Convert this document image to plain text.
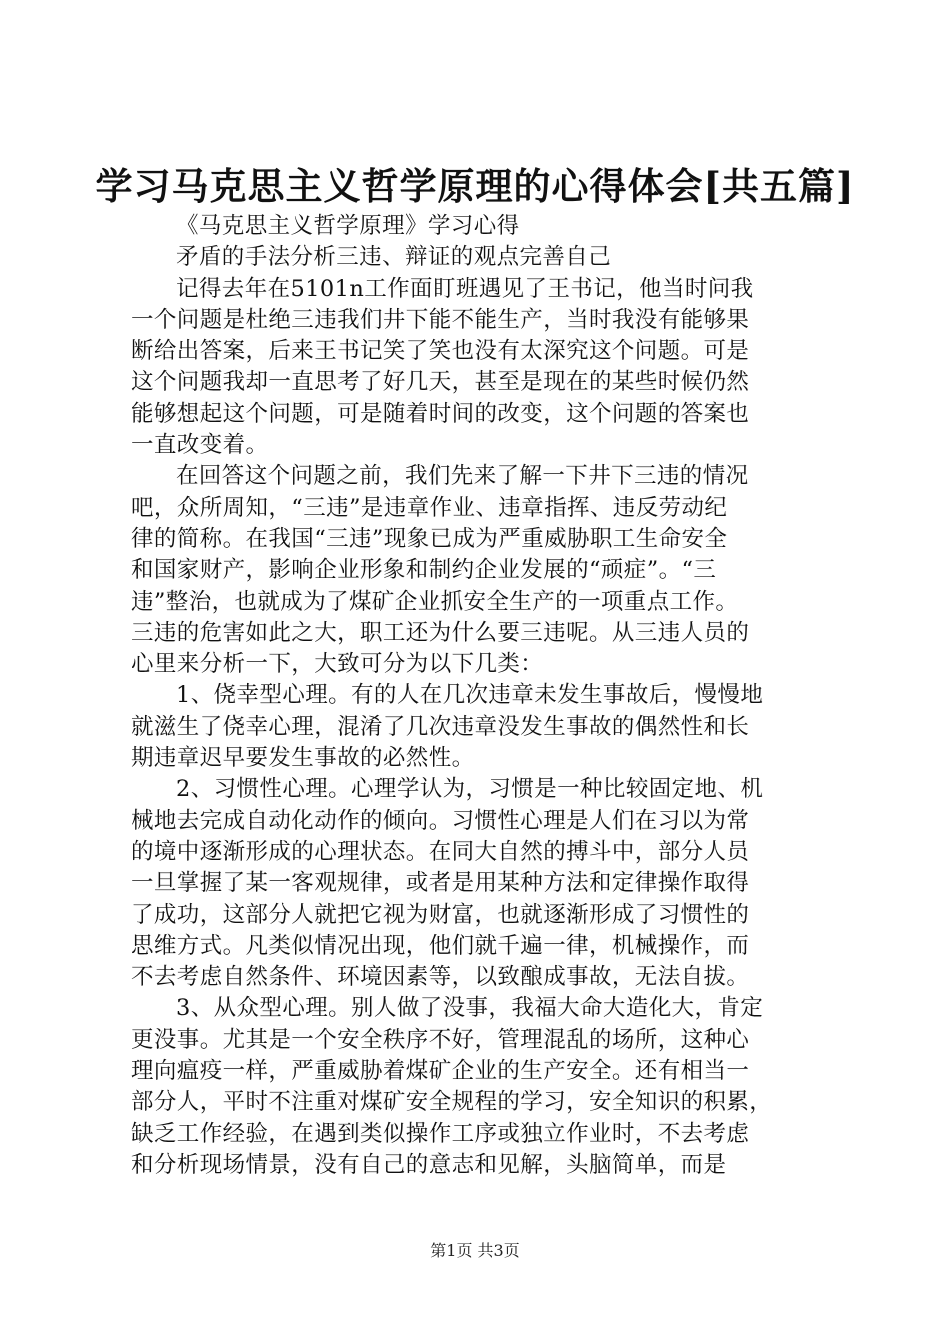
学习马克思主义哲学原理的心得体会[共五篇]
《马克思主义哲学原理》学习心得
矛盾的手法分析三违、辩证的观点完善自己
记得去年在5101n工作面盯班遇见了王书记，他当时问我
一个问题是杜绝三违我们井下能不能生产，当时我没有能够果
断给出答案，后来王书记笑了笑也没有太深究这个问题。可是
这个问题我却一直思考了好几天，甚至是现在的某些时候仍然
能够想起这个问题，可是随着时间的改变，这个问题的答案也
一直改变着。
在回答这个问题之前，我们先来了解一下井下三违的情况
吧，众所周知，“三违”是违章作业、违章指挥、违反劳动纪
律的简称。在我国“三违”现象已成为严重威胁职工生命安全
和国家财产，影响企业形象和制约企业发展的“顽症”。“三
违”整治，也就成为了煤矿企业抓安全生产的一项重点工作。
三违的危害如此之大，职工还为什么要三违呢。从三违人员的
心里来分析一下，大致可分为以下几类：
1、侥幸型心理。有的人在几次违章未发生事故后，慢慢地
就滋生了侥幸心理，混淆了几次违章没发生事故的偶然性和长
期违章迟早要发生事故的必然性。
2、习惯性心理。心理学认为，习惯是一种比较固定地、机
械地去完成自动化动作的倾向。习惯性心理是人们在习以为常
的境中逐渐形成的心理状态。在同大自然的搏斗中，部分人员
一旦掌握了某一客观规律，或者是用某种方法和定律操作取得
了成功，这部分人就把它视为财富，也就逐渐形成了习惯性的
思维方式。凡类似情况出现，他们就千遍一律，机械操作，而
不去考虑自然条件、环境因素等，以致酿成事故，无法自拔。
3、从众型心理。别人做了没事，我福大命大造化大，肯定
更没事。尤其是一个安全秩序不好，管理混乱的场所，这种心
理向瘟疫一样，严重威胁着煤矿企业的生产安全。还有相当一
部分人，平时不注重对煤矿安全规程的学习，安全知识的积累，
缺乏工作经验，在遇到类似操作工序或独立作业时，不去考虑
和分析现场情景，没有自己的意志和见解，头脑简单，而是
第1页 共3页
